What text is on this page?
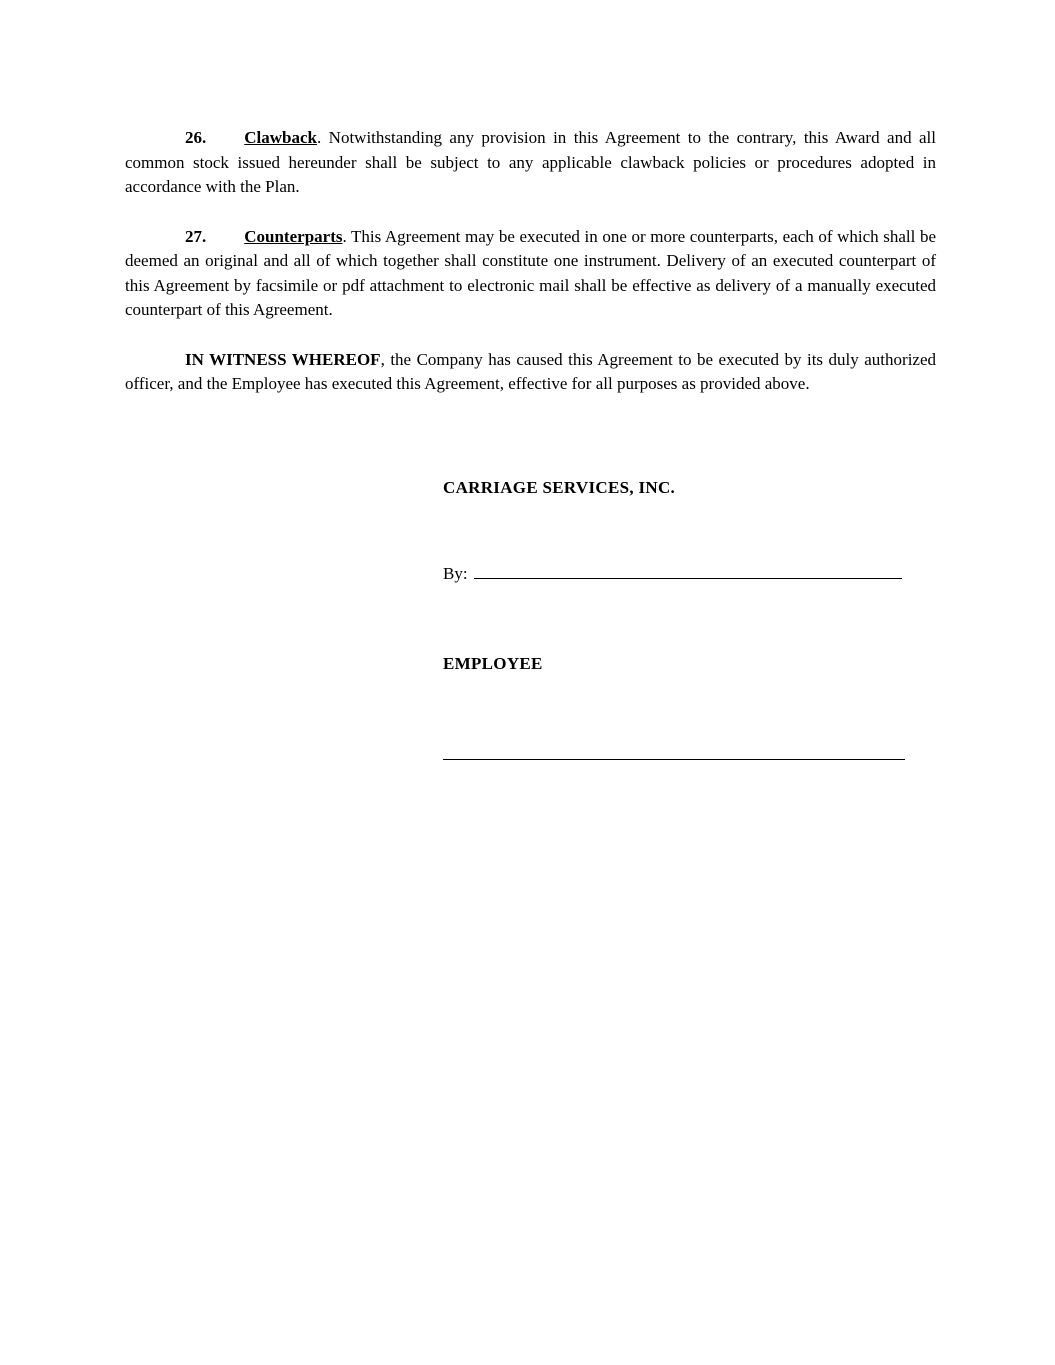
26. Clawback. Notwithstanding any provision in this Agreement to the contrary, this Award and all common stock issued hereunder shall be subject to any applicable clawback policies or procedures adopted in accordance with the Plan.

27. Counterparts. This Agreement may be executed in one or more counterparts, each of which shall be deemed an original and all of which together shall constitute one instrument. Delivery of an executed counterpart of this Agreement by facsimile or pdf attachment to electronic mail shall be effective as delivery of a manually executed counterpart of this Agreement.

IN WITNESS WHEREOF, the Company has caused this Agreement to be executed by its duly authorized officer, and the Employee has executed this Agreement, effective for all purposes as provided above.

CARRIAGE SERVICES, INC.
By:
EMPLOYEE
